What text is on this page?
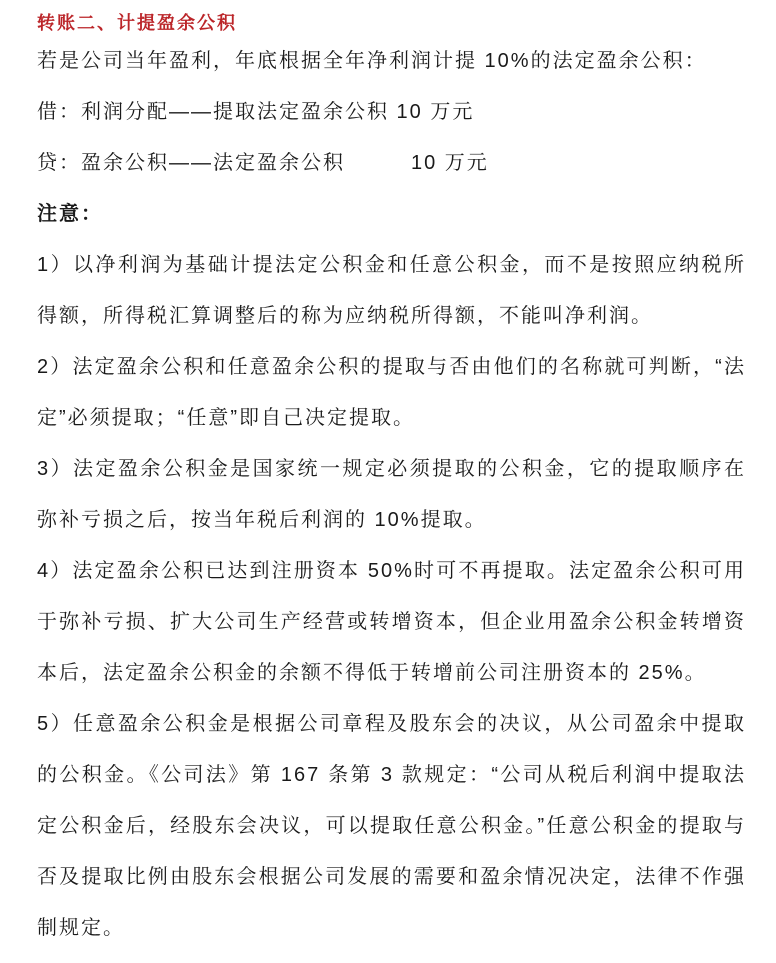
转账二、计提盈余公积

若是公司当年盈利，年底根据全年净利润计提 10%的法定盈余公积：

借：利润分配——提取法定盈余公积 10 万元

贷：盈余公积——法定盈余公积　　　10 万元

注意：

1）以净利润为基础计提法定公积金和任意公积金，而不是按照应纳税所得额，所得税汇算调整后的称为应纳税所得额，不能叫净利润。

2）法定盈余公积和任意盈余公积的提取与否由他们的名称就可判断，“法定”必须提取；“任意”即自己决定提取。

3）法定盈余公积金是国家统一规定必须提取的公积金，它的提取顺序在弥补亏损之后，按当年税后利润的 10%提取。

4）法定盈余公积已达到注册资本 50%时可不再提取。法定盈余公积可用于弥补亏损、扩大公司生产经营或转增资本，但企业用盈余公积金转增资本后，法定盈余公积金的余额不得低于转增前公司注册资本的 25%。

5）任意盈余公积金是根据公司章程及股东会的决议，从公司盈余中提取的公积金。《公司法》第 167 条第 3 款规定：“公司从税后利润中提取法定公积金后，经股东会决议，可以提取任意公积金。”任意公积金的提取与否及提取比例由股东会根据公司发展的需要和盈余情况决定，法律不作强制规定。
